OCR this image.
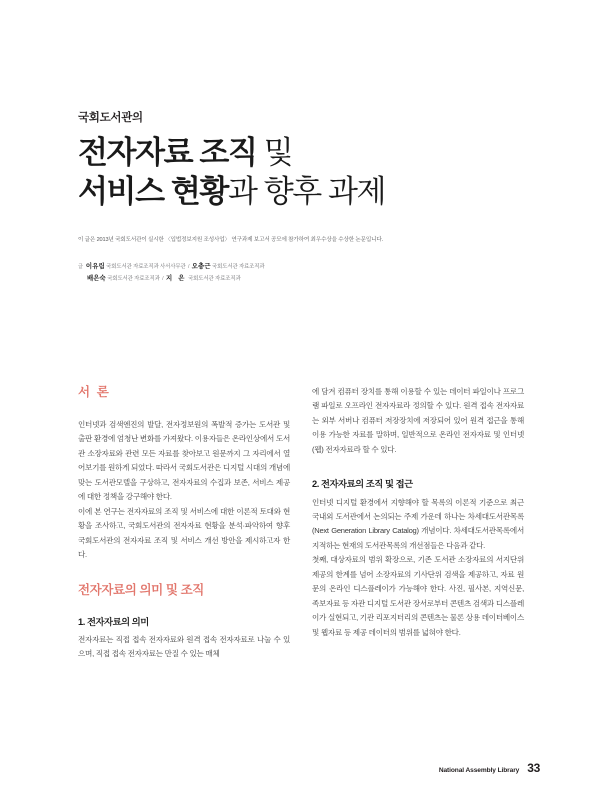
국회도서관의

전자자료 조직 및
서비스 현황과 향후 과제

이 글은 2013년 국회도서관이 실시한 〈입법정보지원 조성사업〉 연구과제 보고서 공모에 참가하여 최우수상을 수상한 논문입니다.

글 이유림 국회도서관 자료조직과 사서사무관 / 오충근 국회도서관 자료조직과
배은숙 국회도서관 자료조직과 / 지 은 국회도서관 자료조직과
서 론

인터넷과 검색엔진의 발달, 전자정보원의 폭발적 증가는 도서관 및 출판 환경에 엄청난 변화를 가져왔다. 이용자들은 온라인상에서 도서관 소장자료와 관련 모든 자료를 찾아보고 원문까지 그 자리에서 열어보기를 원하게 되었다. 따라서 국회도서관은 디지털 시대의 개념에 맞는 도서관모델을 구상하고, 전자자료의 수집과 보존, 서비스 제공에 대한 정책을 강구해야 한다.

이에 본 연구는 전자자료의 조직 및 서비스에 대한 이론적 토대와 현황을 조사하고, 국회도서관의 전자자료 현황을 분석·파악하여 향후 국회도서관의 전자자료 조직 및 서비스 개선 방안을 제시하고자 한다.

전자자료의 의미 및 조직
1. 전자자료의 의미

전자자료는 직접 접속 전자자료와 원격 접속 전자자료로 나눌 수 있으며, 직접 접속 전자자료는 만질 수 있는 매체

에 담겨 컴퓨터 장치를 통해 이용할 수 있는 데이터 파일이나 프로그램 파일로 오프라인 전자자료라 정의할 수 있다. 원격 접속 전자자료는 외부 서버나 컴퓨터 저장장치에 저장되어 있어 원격 접근을 통해 이용 가능한 자료를 말하며, 일반적으로 온라인 전자자료 및 인터넷(웹) 전자자료라 할 수 있다.

2. 전자자료의 조직 및 접근

인터넷 디지털 환경에서 지향해야 할 목록의 이론적 기준으로 최근 국내외 도서관에서 논의되는 주제 가운데 하나는 차세대도서관목록(Next Generation Library Catalog) 개념이다. 차세대도서관목록에서 지적하는 현재의 도서관목록의 개선점들은 다음과 같다.

첫째, 대상자료의 범위 확장으로, 기존 도서관 소장자료의 서지단위 제공의 한계를 넘어 소장자료의 기사단위 검색을 제공하고, 자료 원문의 온라인 디스플레이가 가능해야 한다. 사진, 필사본, 지역신문, 족보자료 등 자관 디지털 도서관 장서로부터 콘텐츠 검색과 디스플레이가 실현되고, 기관 리포지터리의 콘텐츠는 물론 상용 데이터베이스 및 웹자료 등 제공 데이터의 범위를 넓혀야 한다.

National Assembly Library 33
